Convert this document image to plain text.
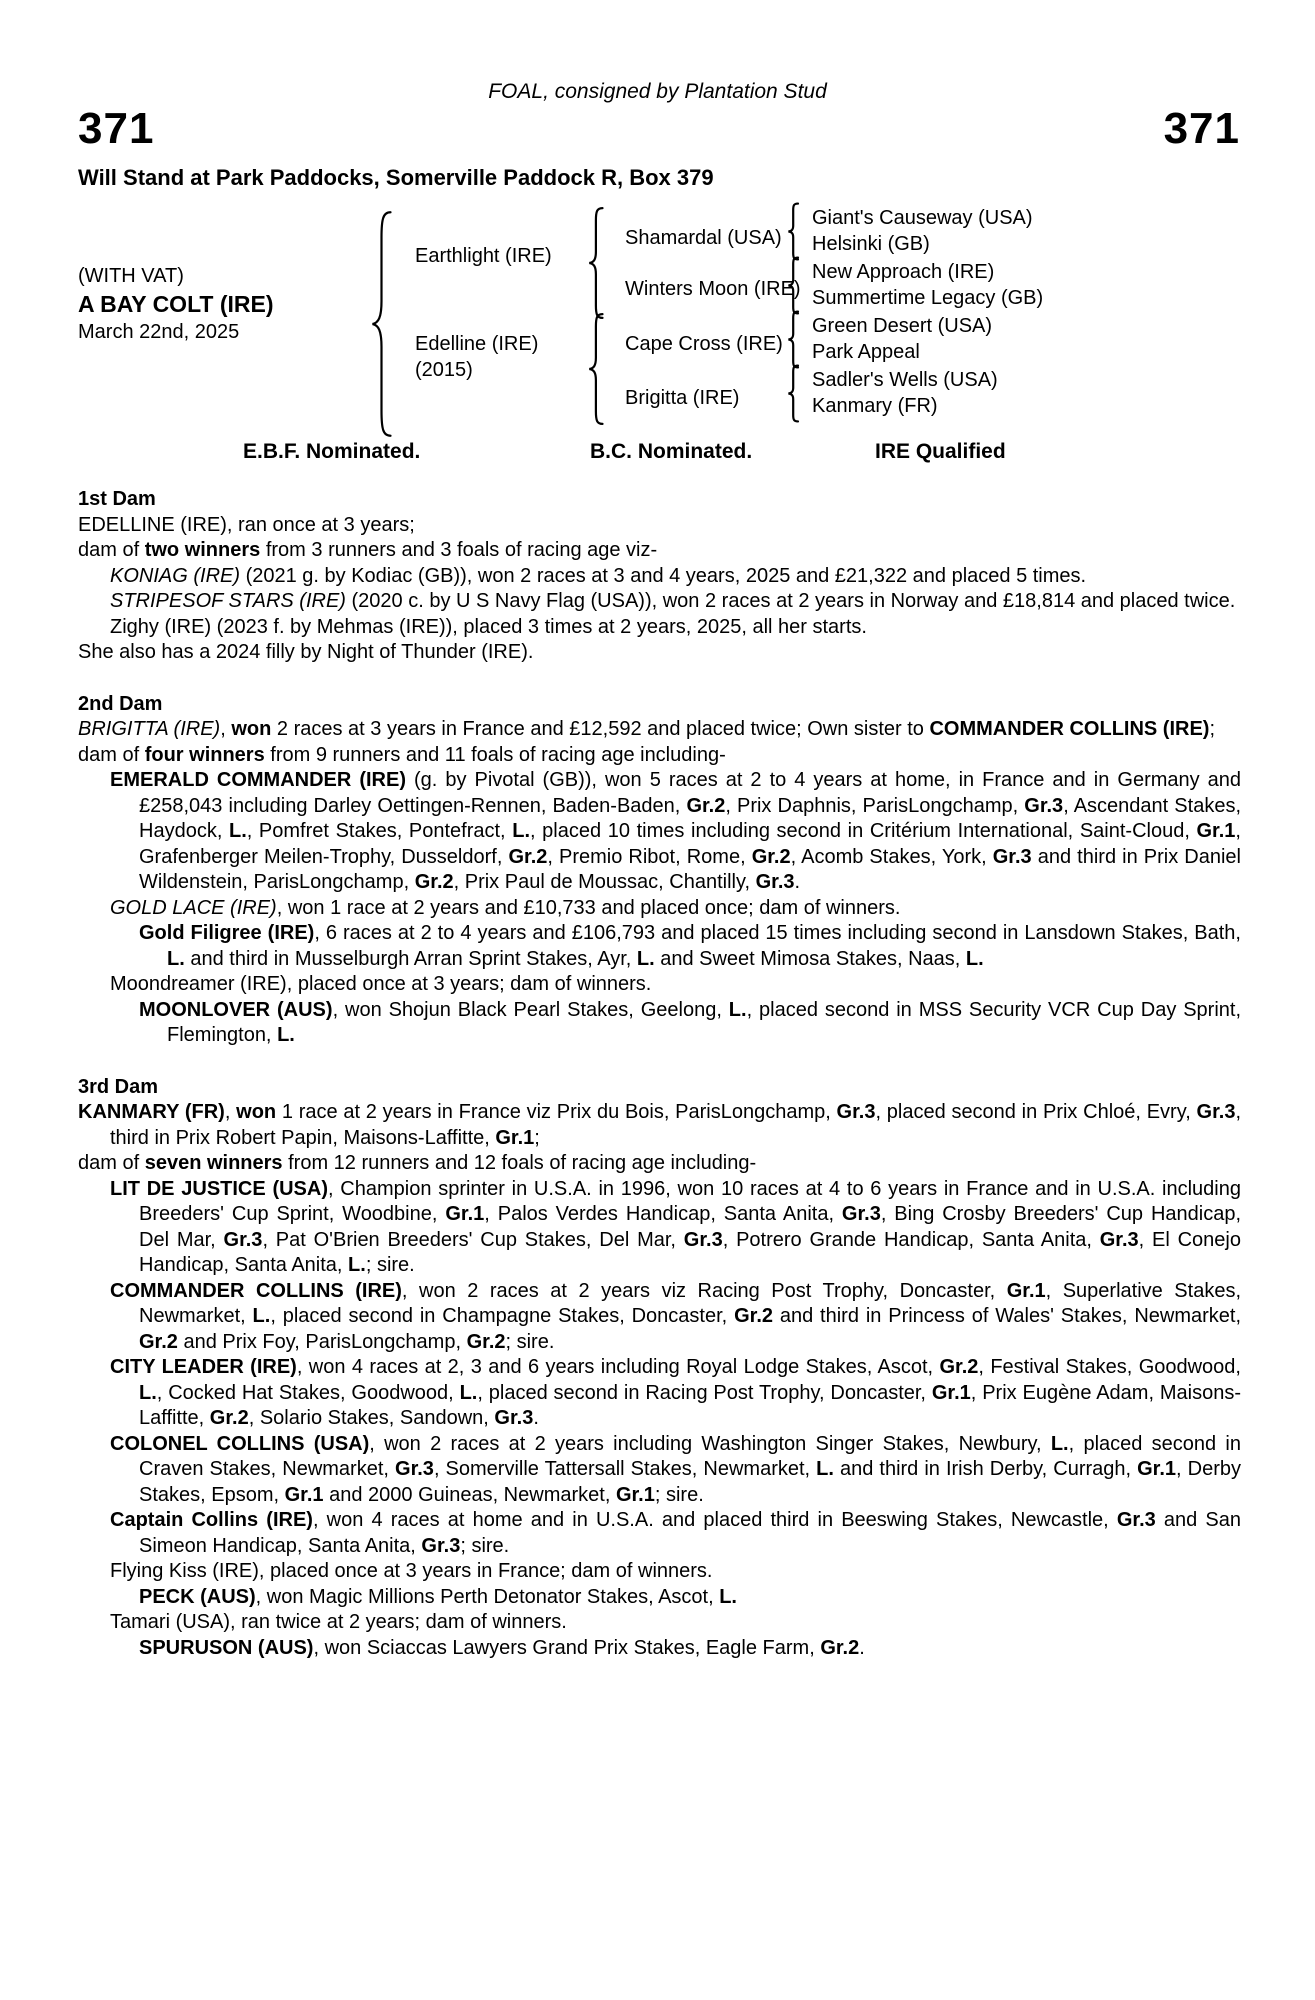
FOAL, consigned by Plantation Stud
371	371
Will Stand at Park Paddocks, Somerville Paddock R, Box 379
(WITH VAT)
A BAY COLT (IRE)
March 22nd, 2025
Earthlight (IRE)
Edelline (IRE)
(2015)
Shamardal (USA)
Winters Moon (IRE)
Cape Cross (IRE)
Brigitta (IRE)
Giant's Causeway (USA)
Helsinki (GB)
New Approach (IRE)
Summertime Legacy (GB)
Green Desert (USA)
Park Appeal
Sadler's Wells (USA)
Kanmary (FR)
E.B.F. Nominated.	B.C. Nominated.	IRE Qualified
1st Dam
EDELLINE (IRE), ran once at 3 years;
dam of two winners from 3 runners and 3 foals of racing age viz-
KONIAG (IRE) (2021 g. by Kodiac (GB)), won 2 races at 3 and 4 years, 2025 and £21,322 and placed 5 times.
STRIPESOF STARS (IRE) (2020 c. by U S Navy Flag (USA)), won 2 races at 2 years in Norway and £18,814 and placed twice.
Zighy (IRE) (2023 f. by Mehmas (IRE)), placed 3 times at 2 years, 2025, all her starts.
She also has a 2024 filly by Night of Thunder (IRE).
2nd Dam
BRIGITTA (IRE), won 2 races at 3 years in France and £12,592 and placed twice; Own sister to COMMANDER COLLINS (IRE);
dam of four winners from 9 runners and 11 foals of racing age including-
EMERALD COMMANDER (IRE) (g. by Pivotal (GB)), won 5 races at 2 to 4 years at home, in France and in Germany and £258,043 including Darley Oettingen-Rennen, Baden-Baden, Gr.2, Prix Daphnis, ParisLongchamp, Gr.3, Ascendant Stakes, Haydock, L., Pomfret Stakes, Pontefract, L., placed 10 times including second in Critérium International, Saint-Cloud, Gr.1, Grafenberger Meilen-Trophy, Dusseldorf, Gr.2, Premio Ribot, Rome, Gr.2, Acomb Stakes, York, Gr.3 and third in Prix Daniel Wildenstein, ParisLongchamp, Gr.2, Prix Paul de Moussac, Chantilly, Gr.3.
GOLD LACE (IRE), won 1 race at 2 years and £10,733 and placed once; dam of winners.
Gold Filigree (IRE), 6 races at 2 to 4 years and £106,793 and placed 15 times including second in Lansdown Stakes, Bath, L. and third in Musselburgh Arran Sprint Stakes, Ayr, L. and Sweet Mimosa Stakes, Naas, L.
Moondreamer (IRE), placed once at 3 years; dam of winners.
MOONLOVER (AUS), won Shojun Black Pearl Stakes, Geelong, L., placed second in MSS Security VCR Cup Day Sprint, Flemington, L.
3rd Dam
KANMARY (FR), won 1 race at 2 years in France viz Prix du Bois, ParisLongchamp, Gr.3, placed second in Prix Chloé, Evry, Gr.3, third in Prix Robert Papin, Maisons-Laffitte, Gr.1;
dam of seven winners from 12 runners and 12 foals of racing age including-
LIT DE JUSTICE (USA), Champion sprinter in U.S.A. in 1996, won 10 races at 4 to 6 years in France and in U.S.A. including Breeders' Cup Sprint, Woodbine, Gr.1, Palos Verdes Handicap, Santa Anita, Gr.3, Bing Crosby Breeders' Cup Handicap, Del Mar, Gr.3, Pat O'Brien Breeders' Cup Stakes, Del Mar, Gr.3, Potrero Grande Handicap, Santa Anita, Gr.3, El Conejo Handicap, Santa Anita, L.; sire.
COMMANDER COLLINS (IRE), won 2 races at 2 years viz Racing Post Trophy, Doncaster, Gr.1, Superlative Stakes, Newmarket, L., placed second in Champagne Stakes, Doncaster, Gr.2 and third in Princess of Wales' Stakes, Newmarket, Gr.2 and Prix Foy, ParisLongchamp, Gr.2; sire.
CITY LEADER (IRE), won 4 races at 2, 3 and 6 years including Royal Lodge Stakes, Ascot, Gr.2, Festival Stakes, Goodwood, L., Cocked Hat Stakes, Goodwood, L., placed second in Racing Post Trophy, Doncaster, Gr.1, Prix Eugène Adam, Maisons-Laffitte, Gr.2, Solario Stakes, Sandown, Gr.3.
COLONEL COLLINS (USA), won 2 races at 2 years including Washington Singer Stakes, Newbury, L., placed second in Craven Stakes, Newmarket, Gr.3, Somerville Tattersall Stakes, Newmarket, L. and third in Irish Derby, Curragh, Gr.1, Derby Stakes, Epsom, Gr.1 and 2000 Guineas, Newmarket, Gr.1; sire.
Captain Collins (IRE), won 4 races at home and in U.S.A. and placed third in Beeswing Stakes, Newcastle, Gr.3 and San Simeon Handicap, Santa Anita, Gr.3; sire.
Flying Kiss (IRE), placed once at 3 years in France; dam of winners.
PECK (AUS), won Magic Millions Perth Detonator Stakes, Ascot, L.
Tamari (USA), ran twice at 2 years; dam of winners.
SPURUSON (AUS), won Sciaccas Lawyers Grand Prix Stakes, Eagle Farm, Gr.2.
